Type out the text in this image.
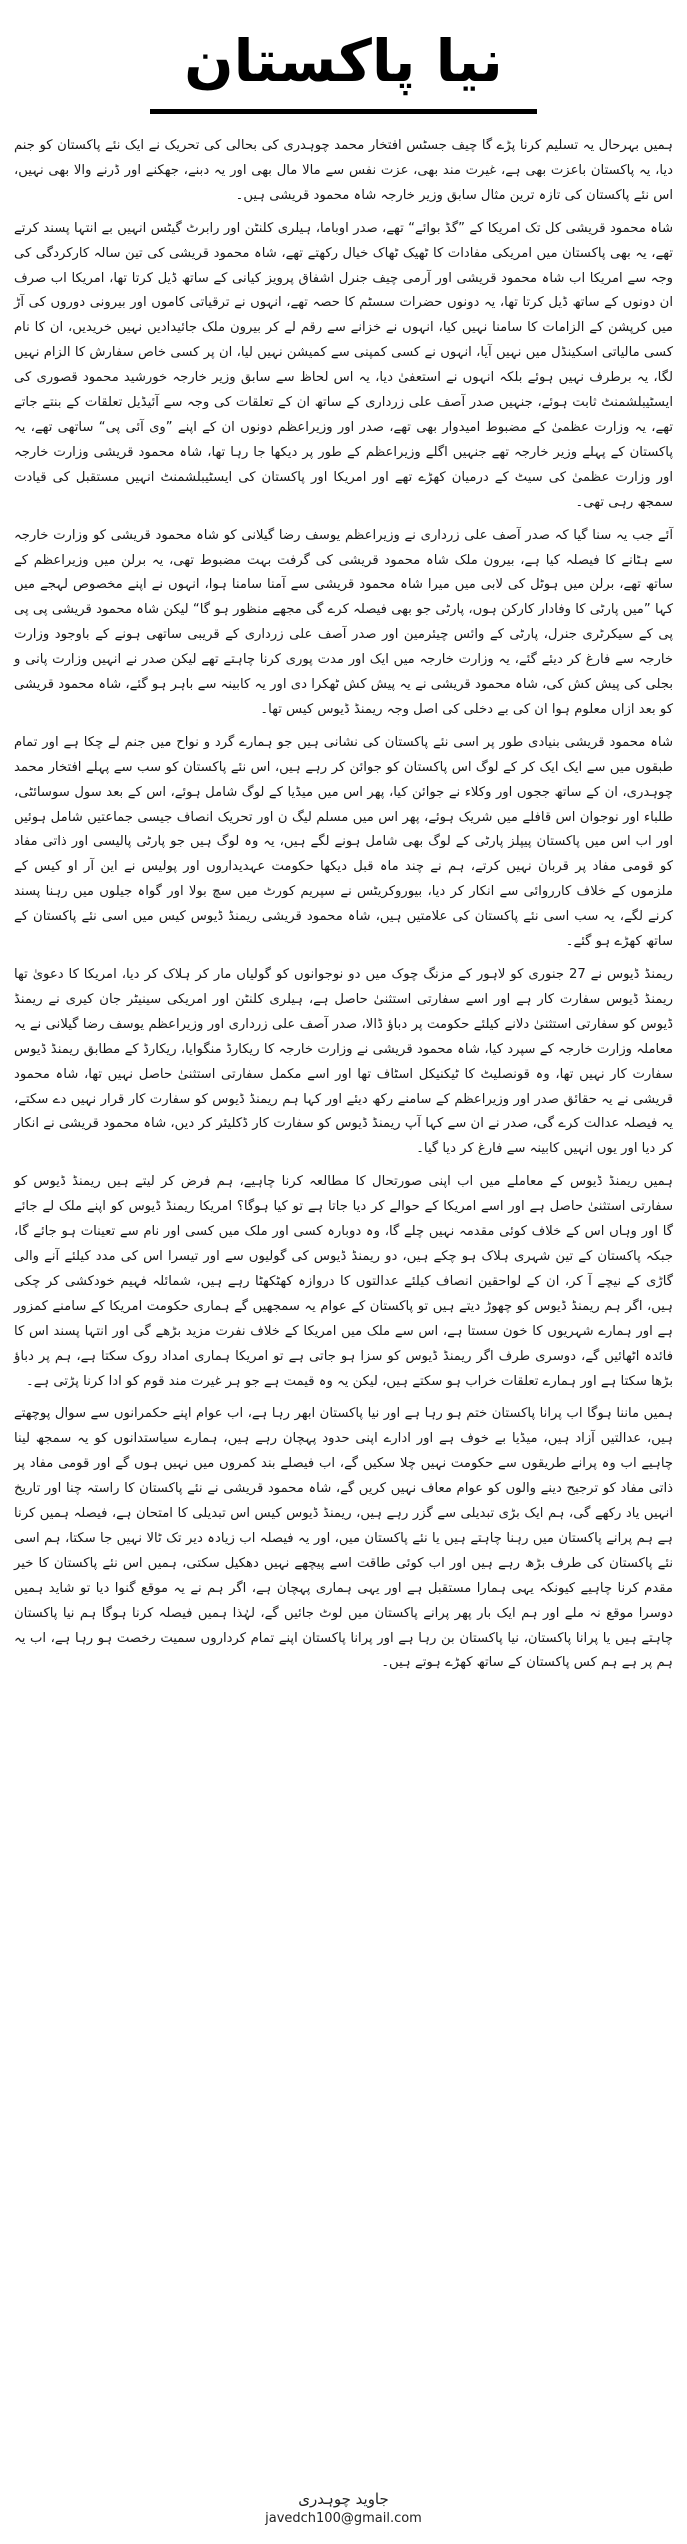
نیا پاکستان

ہمیں بہرحال یہ تسلیم کرنا پڑے گا چیف جسٹس افتخار محمد چوہدری کی بحالی کی تحریک نے ایک نئے پاکستان کو جنم دیا، یہ پاکستان باعزت بھی ہے، غیرت مند بھی، عزت نفس سے مالا مال بھی اور یہ دبنے، جھکنے اور ڈرنے والا بھی نہیں، اس نئے پاکستان کی تازہ ترین مثال سابق وزیر خارجہ شاہ محمود قریشی ہیں۔

شاہ محمود قریشی کل تک امریکا کے ”گڈ بوائے“ تھے، صدر اوباما، ہیلری کلنٹن اور رابرٹ گیٹس انہیں بے انتہا پسند کرتے تھے، یہ بھی پاکستان میں امریکی مفادات کا ٹھیک ٹھاک خیال رکھتے تھے، شاہ محمود قریشی کی تین سالہ کارکردگی کی وجہ سے امریکا اب شاہ محمود قریشی اور آرمی چیف جنرل اشفاق پرویز کیانی کے ساتھ ڈیل کرتا تھا، امریکا اب صرف ان دونوں کے ساتھ ڈیل کرتا تھا، یہ دونوں حضرات سسٹم کا حصہ تھے، انہوں نے ترقیاتی کاموں اور بیرونی دوروں کی آڑ میں کرپشن کے الزامات کا سامنا نہیں کیا، انہوں نے خزانے سے رقم لے کر بیرون ملک جائیدادیں نہیں خریدیں، ان کا نام کسی مالیاتی اسکینڈل میں نہیں آیا، انہوں نے کسی کمپنی سے کمیشن نہیں لیا، ان پر کسی خاص سفارش کا الزام نہیں لگا، یہ برطرف نہیں ہوئے بلکہ انہوں نے استعفیٰ دیا، یہ اس لحاظ سے سابق وزیر خارجہ خورشید محمود قصوری کی ایسٹیبلشمنٹ ثابت ہوئے، جنہیں صدر آصف علی زرداری کے ساتھ ان کے تعلقات کی وجہ سے آئیڈیل تعلقات کے بنتے جاتے تھے، یہ وزارت عظمیٰ کے مضبوط امیدوار بھی تھے، صدر اور وزیراعظم دونوں ان کے اپنے ”وی آئی پی“ ساتھی تھے، یہ پاکستان کے پہلے وزیر خارجہ تھے جنہیں اگلے وزیراعظم کے طور پر دیکھا جا رہا تھا، شاہ محمود قریشی وزارت خارجہ اور وزارت عظمیٰ کی سیٹ کے درمیان کھڑے تھے اور امریکا اور پاکستان کی ایسٹیبلشمنٹ انہیں مستقبل کی قیادت سمجھ رہی تھی۔

آئے جب یہ سنا گیا کہ صدر آصف علی زرداری نے وزیراعظم یوسف رضا گیلانی کو شاہ محمود قریشی کو وزارت خارجہ سے ہٹانے کا فیصلہ کیا ہے، بیرون ملک شاہ محمود قریشی کی گرفت بہت مضبوط تھی، یہ برلن میں وزیراعظم کے ساتھ تھے، برلن میں ہوٹل کی لابی میں میرا شاہ محمود قریشی سے آمنا سامنا ہوا، انہوں نے اپنے مخصوص لہجے میں کہا ”میں پارٹی کا وفادار کارکن ہوں، پارٹی جو بھی فیصلہ کرے گی مجھے منظور ہو گا“ لیکن شاہ محمود قریشی پی پی پی کے سیکرٹری جنرل، پارٹی کے وائس چیئرمین اور صدر آصف علی زرداری کے قریبی ساتھی ہونے کے باوجود وزارت خارجہ سے فارغ کر دیئے گئے، یہ وزارت خارجہ میں ایک اور مدت پوری کرنا چاہتے تھے لیکن صدر نے انہیں وزارت پانی و بجلی کی پیش کش کی، شاہ محمود قریشی نے یہ پیش کش ٹھکرا دی اور یہ کابینہ سے باہر ہو گئے، شاہ محمود قریشی کو بعد ازاں معلوم ہوا ان کی بے دخلی کی اصل وجہ ریمنڈ ڈیوس کیس تھا۔

شاہ محمود قریشی بنیادی طور پر اسی نئے پاکستان کی نشانی ہیں جو ہمارے گرد و نواح میں جنم لے چکا ہے اور تمام طبقوں میں سے ایک ایک کر کے لوگ اس پاکستان کو جوائن کر رہے ہیں، اس نئے پاکستان کو سب سے پہلے افتخار محمد چوہدری، ان کے ساتھ ججوں اور وکلاء نے جوائن کیا، پھر اس میں میڈیا کے لوگ شامل ہوئے، اس کے بعد سول سوسائٹی، طلباء اور نوجوان اس قافلے میں شریک ہوئے، پھر اس میں مسلم لیگ ن اور تحریک انصاف جیسی جماعتیں شامل ہوئیں اور اب اس میں پاکستان پیپلز پارٹی کے لوگ بھی شامل ہونے لگے ہیں، یہ وہ لوگ ہیں جو پارٹی پالیسی اور ذاتی مفاد کو قومی مفاد پر قربان نہیں کرتے، ہم نے چند ماہ قبل دیکھا حکومت عہدیداروں اور پولیس نے این آر او کیس کے ملزموں کے خلاف کارروائی سے انکار کر دیا، بیوروکریٹس نے سپریم کورٹ میں سچ بولا اور گواہ جیلوں میں رہنا پسند کرنے لگے، یہ سب اسی نئے پاکستان کی علامتیں ہیں، شاہ محمود قریشی ریمنڈ ڈیوس کیس میں اسی نئے پاکستان کے ساتھ کھڑے ہو گئے۔

ریمنڈ ڈیوس نے 27 جنوری کو لاہور کے مزنگ چوک میں دو نوجوانوں کو گولیاں مار کر ہلاک کر دیا، امریکا کا دعویٰ تھا ریمنڈ ڈیوس سفارت کار ہے اور اسے سفارتی استثنیٰ حاصل ہے، ہیلری کلنٹن اور امریکی سینیٹر جان کیری نے ریمنڈ ڈیوس کو سفارتی استثنیٰ دلانے کیلئے حکومت پر دباؤ ڈالا، صدر آصف علی زرداری اور وزیراعظم یوسف رضا گیلانی نے یہ معاملہ وزارت خارجہ کے سپرد کیا، شاہ محمود قریشی نے وزارت خارجہ کا ریکارڈ منگوایا، ریکارڈ کے مطابق ریمنڈ ڈیوس سفارت کار نہیں تھا، وہ قونصلیٹ کا ٹیکنیکل اسٹاف تھا اور اسے مکمل سفارتی استثنیٰ حاصل نہیں تھا، شاہ محمود قریشی نے یہ حقائق صدر اور وزیراعظم کے سامنے رکھ دیئے اور کہا ہم ریمنڈ ڈیوس کو سفارت کار قرار نہیں دے سکتے، یہ فیصلہ عدالت کرے گی، صدر نے ان سے کہا آپ ریمنڈ ڈیوس کو سفارت کار ڈکلیئر کر دیں، شاہ محمود قریشی نے انکار کر دیا اور یوں انہیں کابینہ سے فارغ کر دیا گیا۔

ہمیں ریمنڈ ڈیوس کے معاملے میں اب اپنی صورتحال کا مطالعہ کرنا چاہیے، ہم فرض کر لیتے ہیں ریمنڈ ڈیوس کو سفارتی استثنیٰ حاصل ہے اور اسے امریکا کے حوالے کر دیا جاتا ہے تو کیا ہوگا؟ امریکا ریمنڈ ڈیوس کو اپنے ملک لے جائے گا اور وہاں اس کے خلاف کوئی مقدمہ نہیں چلے گا، وہ دوبارہ کسی اور ملک میں کسی اور نام سے تعینات ہو جائے گا، جبکہ پاکستان کے تین شہری ہلاک ہو چکے ہیں، دو ریمنڈ ڈیوس کی گولیوں سے اور تیسرا اس کی مدد کیلئے آنے والی گاڑی کے نیچے آ کر، ان کے لواحقین انصاف کیلئے عدالتوں کا دروازہ کھٹکھٹا رہے ہیں، شمائلہ فہیم خودکشی کر چکی ہیں، اگر ہم ریمنڈ ڈیوس کو چھوڑ دیتے ہیں تو پاکستان کے عوام یہ سمجھیں گے ہماری حکومت امریکا کے سامنے کمزور ہے اور ہمارے شہریوں کا خون سستا ہے، اس سے ملک میں امریکا کے خلاف نفرت مزید بڑھے گی اور انتہا پسند اس کا فائدہ اٹھائیں گے، دوسری طرف اگر ریمنڈ ڈیوس کو سزا ہو جاتی ہے تو امریکا ہماری امداد روک سکتا ہے، ہم پر دباؤ بڑھا سکتا ہے اور ہمارے تعلقات خراب ہو سکتے ہیں، لیکن یہ وہ قیمت ہے جو ہر غیرت مند قوم کو ادا کرنا پڑتی ہے۔

ہمیں ماننا ہوگا اب پرانا پاکستان ختم ہو رہا ہے اور نیا پاکستان ابھر رہا ہے، اب عوام اپنے حکمرانوں سے سوال پوچھتے ہیں، عدالتیں آزاد ہیں، میڈیا بے خوف ہے اور ادارے اپنی حدود پہچان رہے ہیں، ہمارے سیاستدانوں کو یہ سمجھ لینا چاہیے اب وہ پرانے طریقوں سے حکومت نہیں چلا سکیں گے، اب فیصلے بند کمروں میں نہیں ہوں گے اور قومی مفاد پر ذاتی مفاد کو ترجیح دینے والوں کو عوام معاف نہیں کریں گے، شاہ محمود قریشی نے نئے پاکستان کا راستہ چنا اور تاریخ انہیں یاد رکھے گی، ہم ایک بڑی تبدیلی سے گزر رہے ہیں، ریمنڈ ڈیوس کیس اس تبدیلی کا امتحان ہے، فیصلہ ہمیں کرنا ہے ہم پرانے پاکستان میں رہنا چاہتے ہیں یا نئے پاکستان میں، اور یہ فیصلہ اب زیادہ دیر تک ٹالا نہیں جا سکتا، ہم اسی نئے پاکستان کی طرف بڑھ رہے ہیں اور اب کوئی طاقت اسے پیچھے نہیں دھکیل سکتی، ہمیں اس نئے پاکستان کا خیر مقدم کرنا چاہیے کیونکہ یہی ہمارا مستقبل ہے اور یہی ہماری پہچان ہے، اگر ہم نے یہ موقع گنوا دیا تو شاید ہمیں دوسرا موقع نہ ملے اور ہم ایک بار پھر پرانے پاکستان میں لوٹ جائیں گے، لہٰذا ہمیں فیصلہ کرنا ہوگا ہم نیا پاکستان چاہتے ہیں یا پرانا پاکستان، نیا پاکستان بن رہا ہے اور پرانا پاکستان اپنے تمام کرداروں سمیت رخصت ہو رہا ہے، اب یہ ہم پر ہے ہم کس پاکستان کے ساتھ کھڑے ہوتے ہیں۔

جاوید چوہدری
javedch100@gmail.com
